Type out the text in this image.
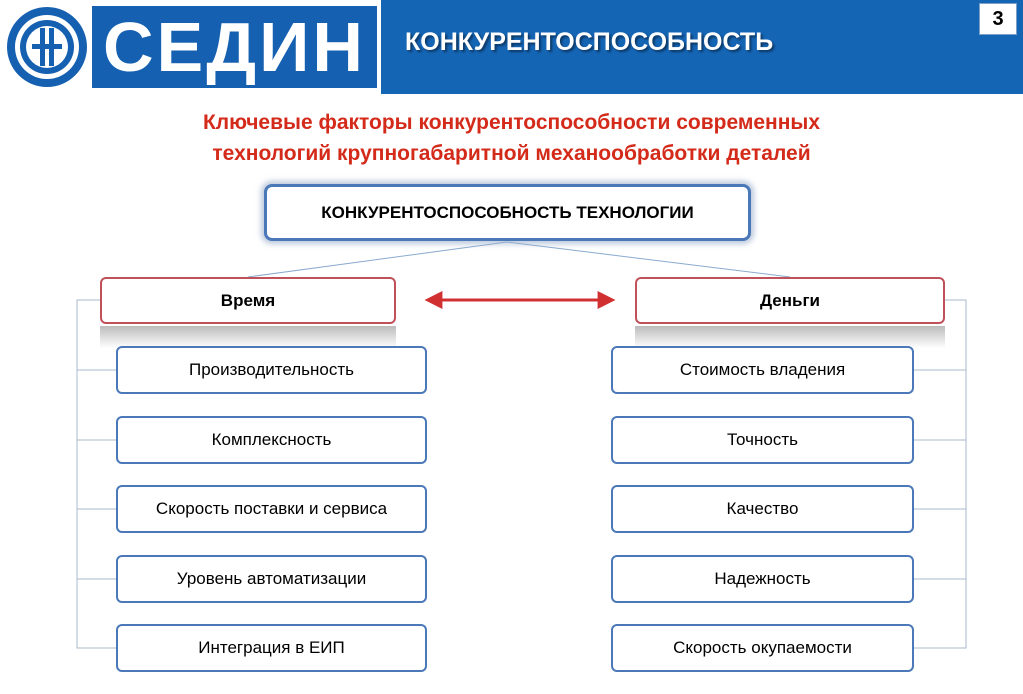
СЕДИН КОНКУРЕНТОСПОСОБНОСТЬ
3
Ключевые факторы конкурентоспособности современных
технологий крупногабаритной механообработки деталей
КОНКУРЕНТОСПОСОБНОСТЬ ТЕХНОЛОГИИ
Время	Деньги
Производительность
Комплексность
Скорость поставки и сервиса
Уровень автоматизации
Интеграция в ЕИП
Стоимость владения
Точность
Качество
Надежность
Скорость окупаемости
